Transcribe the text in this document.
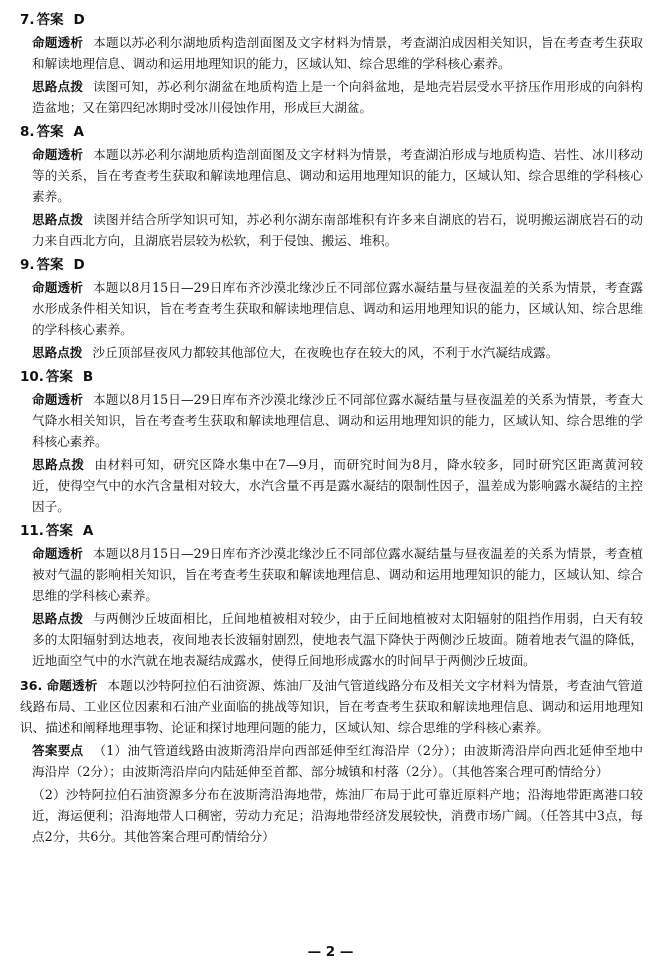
7. 答案 D
命题透析 本题以苏必利尔湖地质构造剖面图及文字材料为情景，考查湖泊成因相关知识，旨在考查考生获取和解读地理信息、调动和运用地理知识的能力，区域认知、综合思维的学科核心素养。
思路点拨 读图可知，苏必利尔湖盆在地质构造上是一个向斜盆地，是地壳岩层受水平挤压作用形成的向斜构造盆地；又在第四纪冰期时受冰川侵蚀作用，形成巨大湖盆。
8. 答案 A
命题透析 本题以苏必利尔湖地质构造剖面图及文字材料为情景，考查湖泊形成与地质构造、岩性、冰川移动等的关系，旨在考查考生获取和解读地理信息、调动和运用地理知识的能力，区域认知、综合思维的学科核心素养。
思路点拨 读图并结合所学知识可知，苏必利尔湖东南部堆积有许多来自湖底的岩石，说明搬运湖底岩石的动力来自西北方向，且湖底岩层较为松软，利于侵蚀、搬运、堆积。
9. 答案 D
命题透析 本题以8月15日—29日库布齐沙漠北缘沙丘不同部位露水凝结量与昼夜温差的关系为情景，考查露水形成条件相关知识，旨在考查考生获取和解读地理信息、调动和运用地理知识的能力，区域认知、综合思维的学科核心素养。
思路点拨 沙丘顶部昼夜风力都较其他部位大，在夜晚也存在较大的风，不利于水汽凝结成露。
10. 答案 B
命题透析 本题以8月15日—29日库布齐沙漠北缘沙丘不同部位露水凝结量与昼夜温差的关系为情景，考查大气降水相关知识，旨在考查考生获取和解读地理信息、调动和运用地理知识的能力，区域认知、综合思维的学科核心素养。
思路点拨 由材料可知，研究区降水集中在7—9月，而研究时间为8月，降水较多，同时研究区距离黄河较近，使得空气中的水汽含量相对较大，水汽含量不再是露水凝结的限制性因子，温差成为影响露水凝结的主控因子。
11. 答案 A
命题透析 本题以8月15日—29日库布齐沙漠北缘沙丘不同部位露水凝结量与昼夜温差的关系为情景，考查植被对气温的影响相关知识，旨在考查考生获取和解读地理信息、调动和运用地理知识的能力，区域认知、综合思维的学科核心素养。
思路点拨 与两侧沙丘坡面相比，丘间地植被相对较少，由于丘间地植被对太阳辐射的阻挡作用弱，白天有较多的太阳辐射到达地表，夜间地表长波辐射剧烈，使地表气温下降快于两侧沙丘坡面。随着地表气温的降低，近地面空气中的水汽就在地表凝结成露水，使得丘间地形成露水的时间早于两侧沙丘坡面。
36. 命题透析 本题以沙特阿拉伯石油资源、炼油厂及油气管道线路分布及相关文字材料为情景，考查油气管道线路布局、工业区位因素和石油产业面临的挑战等知识，旨在考查考生获取和解读地理信息、调动和运用地理知识、描述和阐释地理事物、论证和探讨地理问题的能力，区域认知、综合思维的学科核心素养。
答案要点 （1）油气管道线路由波斯湾沿岸向西部延伸至红海沿岸（2分）；由波斯湾沿岸向西北延伸至地中海沿岸（2分）；由波斯湾沿岸向内陆延伸至首都、部分城镇和村落（2分）。（其他答案合理可酌情给分）
（2）沙特阿拉伯石油资源多分布在波斯湾沿海地带，炼油厂布局于此可靠近原料产地；沿海地带距离港口较近，海运便利；沿海地带人口稠密，劳动力充足；沿海地带经济发展较快，消费市场广阔。（任答其中3点，每点2分，共6分。其他答案合理可酌情给分）
— 2 —
